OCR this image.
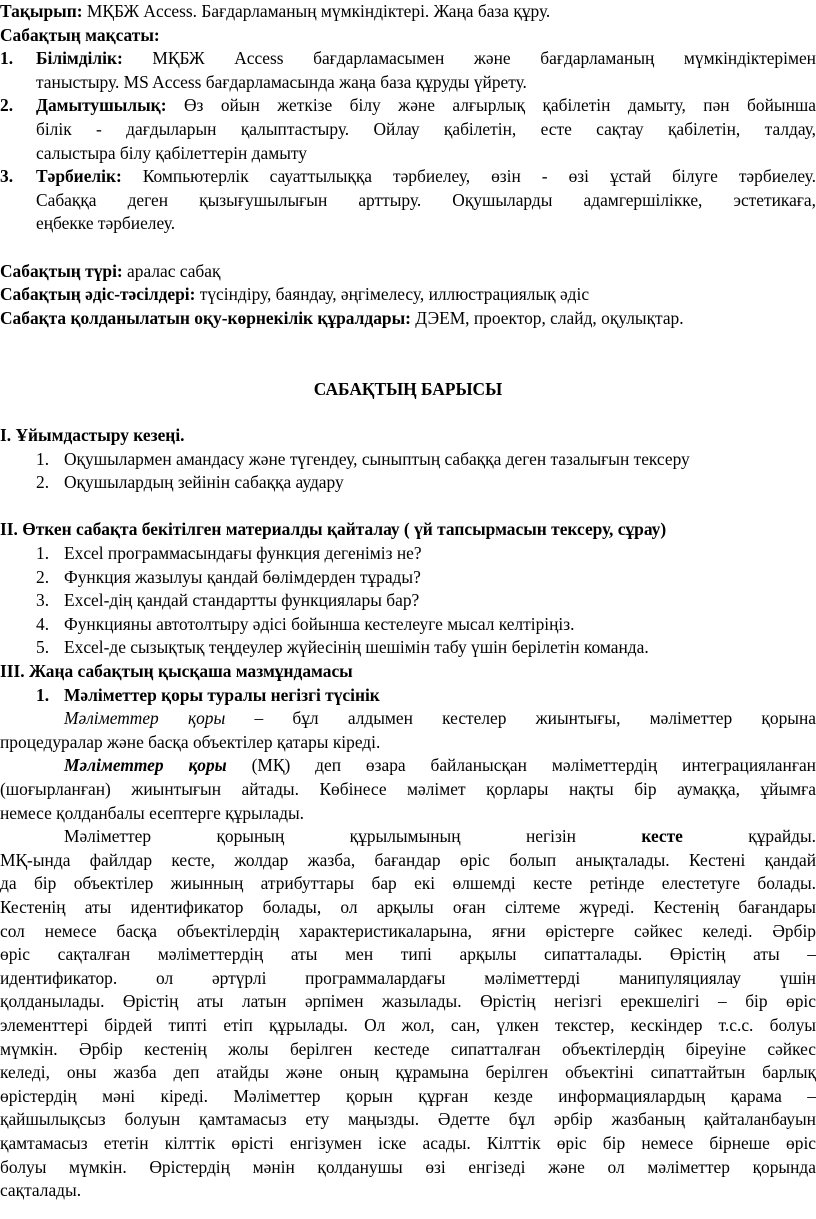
Тақырып: МҚБЖ Access. Бағдарламаның мүмкіндіктері. Жаңа база құру.
Сабақтың мақсаты:
1. Білімділік: МҚБЖ Access бағдарламасымен және бағдарламаның мүмкіндіктерімен
таныстыру. MS Access бағдарламасында жаңа база құруды үйрету.
2. Дамытушылық: Өз ойын жеткізе білу және алғырлық қабілетін дамыту, пән бойынша
білік - дағдыларын қалыптастыру. Ойлау қабілетін, есте сақтау қабілетін, талдау,
салыстыра білу қабілеттерін дамыту
3. Тәрбиелік: Компьютерлік сауаттылыққа тәрбиелеу, өзін - өзі ұстай білуге тәрбиелеу.
Сабаққа деген қызығушылығын арттыру. Оқушыларды адамгершілікке, эстетикаға,
еңбекке тәрбиелеу.
Сабақтың түрі: аралас сабақ
Сабақтың әдіс-тәсілдері: түсіндіру, баяндау, әңгімелесу, иллюстрациялық әдіс
Сабақта қолданылатын оқу-көрнекілік құралдары: ДЭЕМ, проектор, слайд, оқулықтар.
САБАҚТЫҢ БАРЫСЫ
І. Ұйымдастыру кезеңі.
1. Оқушылармен амандасу және түгендеу, сыныптың сабаққа деген тазалығын тексеру
2. Оқушылардың зейінін сабаққа аудару
ІІ. Өткен сабақта бекітілген материалды қайталау ( үй тапсырмасын тексеру, сұрау)
1. Excel программасындағы функция дегеніміз не?
2. Функция жазылуы қандай бөлімдерден тұрады?
3. Excel-дің қандай стандартты функциялары бар?
4. Функцияны автотолтыру әдісі бойынша кестелеуге мысал келтіріңіз.
5. Excel-де сызықтық теңдеулер жүйесінің шешімін табу үшін берілетін команда.
ІІІ. Жаңа сабақтың қысқаша мазмұндамасы
1. Мәліметтер қоры туралы негізгі түсінік
Мәліметтер қоры – бұл алдымен кестелер жиынтығы, мәліметтер қорына
процедуралар және басқа объектілер қатары кіреді.
Мәліметтер қоры (МҚ) деп өзара байланысқан мәліметтердің интеграцияланған
(шоғырланған) жиынтығын айтады. Көбінесе мәлімет қорлары нақты бір аумаққа, ұйымға
немесе қолданбалы есептерге құрылады.
Мәліметтер	қорының	құрылымының	негізін	кесте	құрайды.
МҚ-ында файлдар кесте, жолдар жазба, бағандар өріс болып анықталады. Кестені қандай
да бір объектілер жиынның атрибуттары бар екі өлшемді кесте ретінде елестетуге болады.
Кестенің аты идентификатор болады, ол арқылы оған сілтеме жүреді. Кестенің бағандары
сол немесе басқа объектілердің характеристикаларына, яғни өрістерге сәйкес келеді. Әрбір
өріс сақталған мәліметтердің аты мен типі арқылы сипатталады. Өрістің аты –
идентификатор. ол әртүрлі программалардағы мәліметтерді манипуляциялау үшін
қолданылады. Өрістің аты латын әрпімен жазылады. Өрістің негізгі ерекшелігі – бір өріс
элементтері бірдей типті етіп құрылады. Ол жол, сан, үлкен текстер, кескіндер т.с.с. болуы
мүмкін. Әрбір кестенің жолы берілген кестеде сипатталған объектілердің біреуіне сәйкес
келеді, оны жазба деп атайды және оның құрамына берілген объектіні сипаттайтын барлық
өрістердің мәні кіреді. Мәліметтер қорын құрған кезде информациялардың қарама –
қайшылықсыз болуын қамтамасыз ету маңызды. Әдетте бұл әрбір жазбаның қайталанбауын
қамтамасыз ететін кілттік өрісті енгізумен іске асады. Кілттік өріс бір немесе бірнеше өріс
болуы мүмкін. Өрістердің мәнін қолданушы өзі енгізеді және ол мәліметтер қорында
сақталады.
